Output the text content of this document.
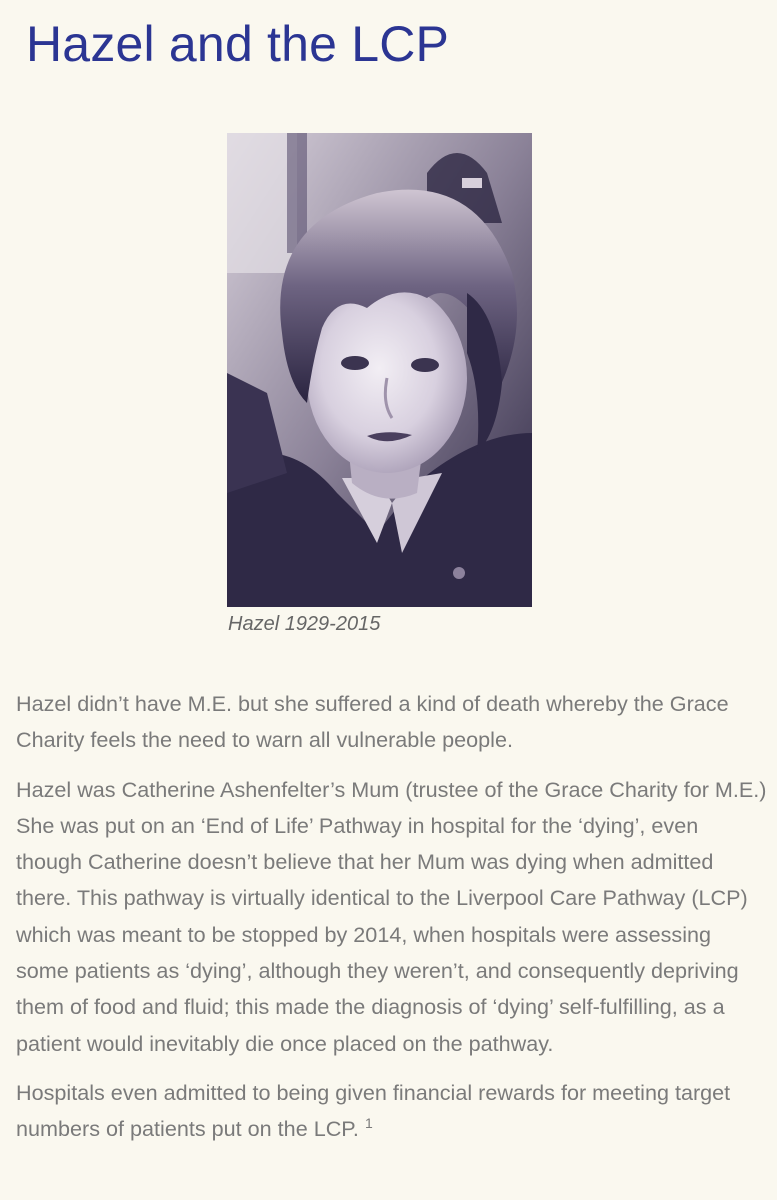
Hazel and the LCP
Hazel 1929-2015

Hazel didn’t have M.E. but she suffered a kind of death whereby the Grace Charity feels the need to warn all vulnerable people.

Hazel was Catherine Ashenfelter’s Mum (trustee of the Grace Charity for M.E.) She was put on an ‘End of Life’ Pathway in hospital for the ‘dying’, even though Catherine doesn’t believe that her Mum was dying when admitted there. This pathway is virtually identical to the Liverpool Care Pathway (LCP) which was meant to be stopped by 2014, when hospitals were assessing some patients as ‘dying’, although they weren’t, and consequently depriving them of food and fluid; this made the diagnosis of ‘dying’ self-fulfilling, as a patient would inevitably die once placed on the pathway.

Hospitals even admitted to being given financial rewards for meeting target numbers of patients put on the LCP. $^1$
